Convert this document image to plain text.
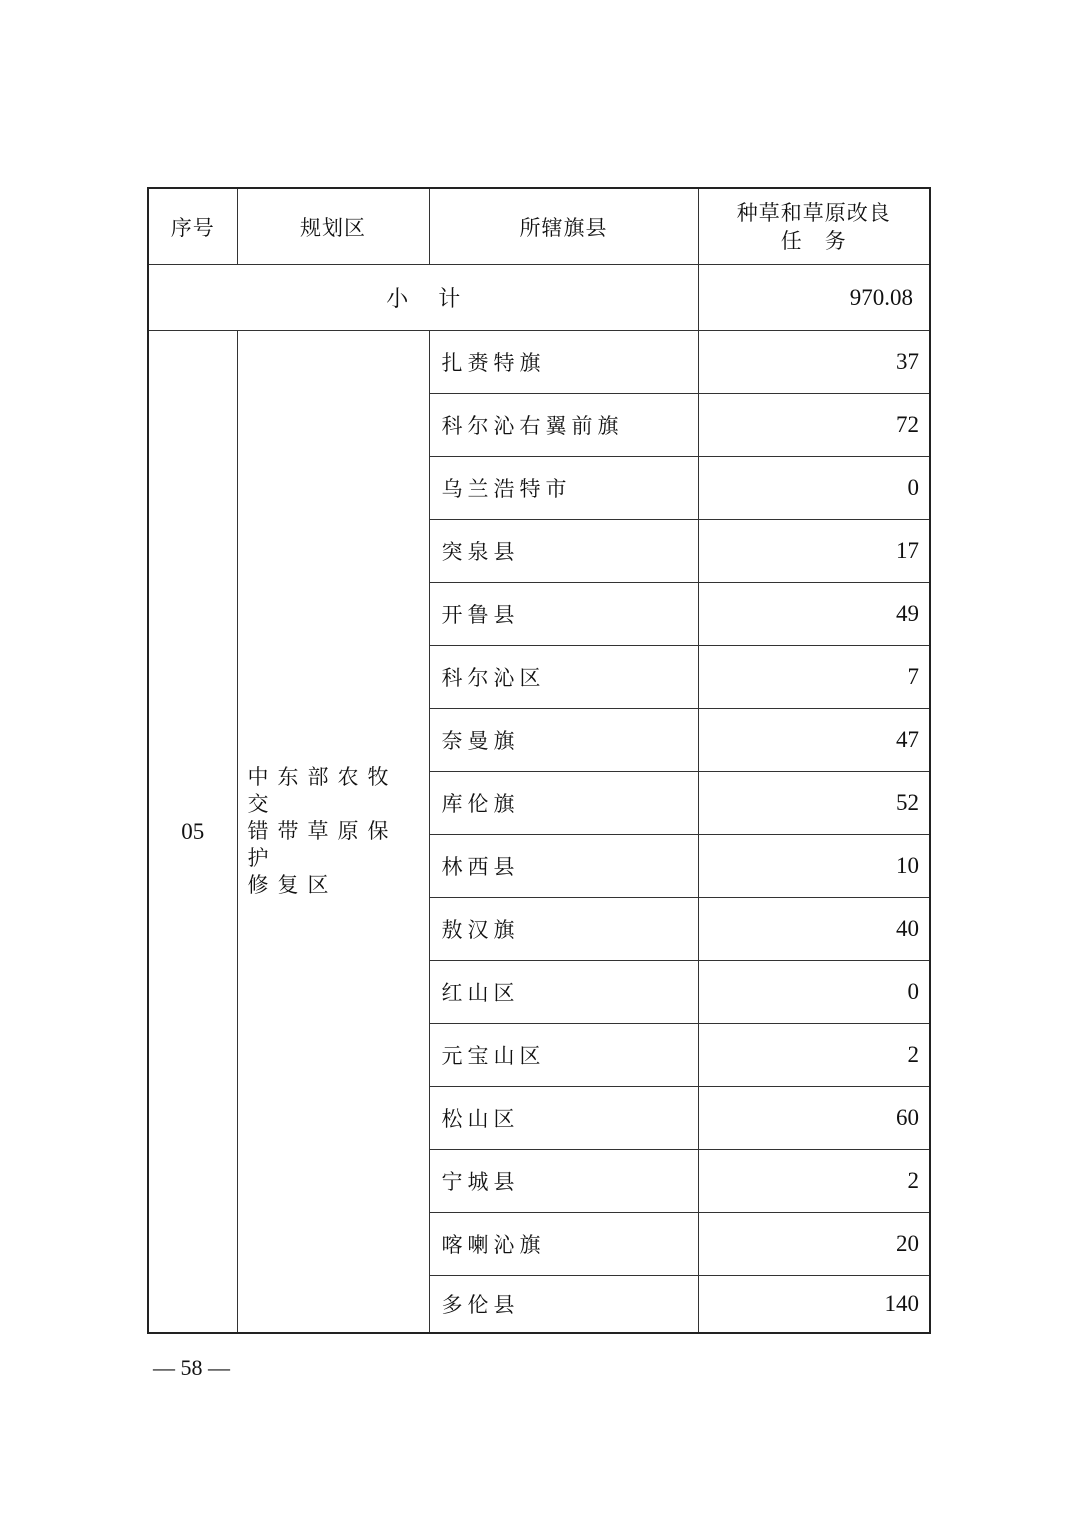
序号	规划区	所辖旗县	种草和草原改良
任　务

小计			970.08
05	中东部农牧交
错带草原保护
修复区	扎赉特旗	37
		科尔沁右翼前旗	72
		乌兰浩特市	0
		突泉县	17
		开鲁县	49
		科尔沁区	7
		奈曼旗	47
		库伦旗	52
		林西县	10
		敖汉旗	40
		红山区	0
		元宝山区	2
		松山区	60
		宁城县	2
		喀喇沁旗	20
		多伦县	140
— 58 —
